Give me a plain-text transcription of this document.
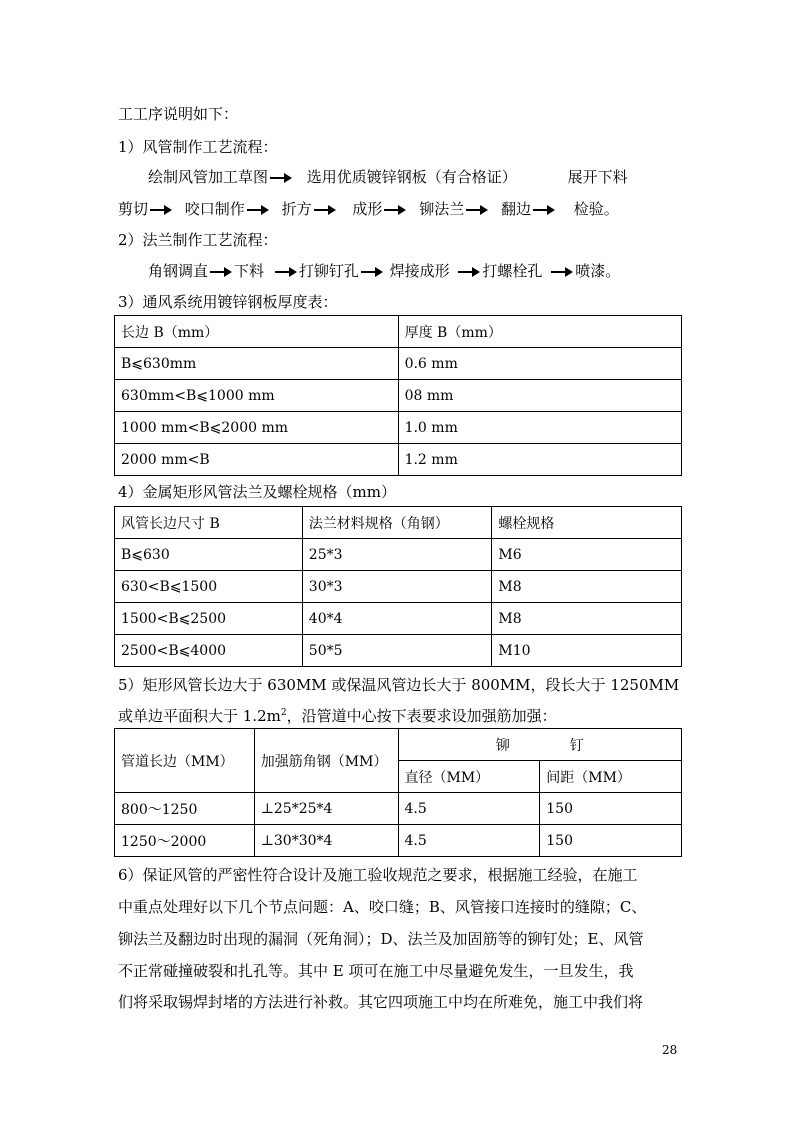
工工序说明如下：
1）风管制作工艺流程：
绘制风管加工草图	选用优质镀锌钢板（有合格证）	展开下料
剪切 咬口制作 折方	成形 铆法兰 翻边	检验。
2）法兰制作工艺流程：
角钢调直 下料 打铆钉孔 焊接成形 打螺栓孔 喷漆。
3）通风系统用镀锌钢板厚度表：
长边 B（mm）	厚度 B（mm）
B⩽630mm	0.6 mm
630mm<B⩽1000 mm	08 mm
1000 mm<B⩽2000 mm	1.0 mm
2000 mm<B	1.2 mm
4）金属矩形风管法兰及螺栓规格（mm）
风管长边尺寸 B	法兰材料规格（角钢）	螺栓规格
B⩽630	25*3	M6
630<B⩽1500	30*3	M8
1500<B⩽2500	40*4	M8
2500<B⩽4000	50*5	M10
5）矩形风管长边大于 630MM 或保温风管边长大于 800MM，段长大于 1250MM
或单边平面积大于 $1.2m^2$，沿管道中心按下表要求设加强筋加强：
管道长边（MM）	加强筋角钢（MM）	铆 钉	
		直径（MM）	间距（MM）
800～1250	⊥25*25*4	4.5	150
1250～2000	⊥30*30*4	4.5	150
6）保证风管的严密性符合设计及施工验收规范之要求，根据施工经验，在施工
中重点处理好以下几个节点问题：A、咬口缝；B、风管接口连接时的缝隙；C、
铆法兰及翻边时出现的漏洞（死角洞）；D、法兰及加固筋等的铆钉处；E、风管
不正常碰撞破裂和扎孔等。其中 E 项可在施工中尽量避免发生，一旦发生，我
们将采取锡焊封堵的方法进行补救。其它四项施工中均在所难免，施工中我们将
28
